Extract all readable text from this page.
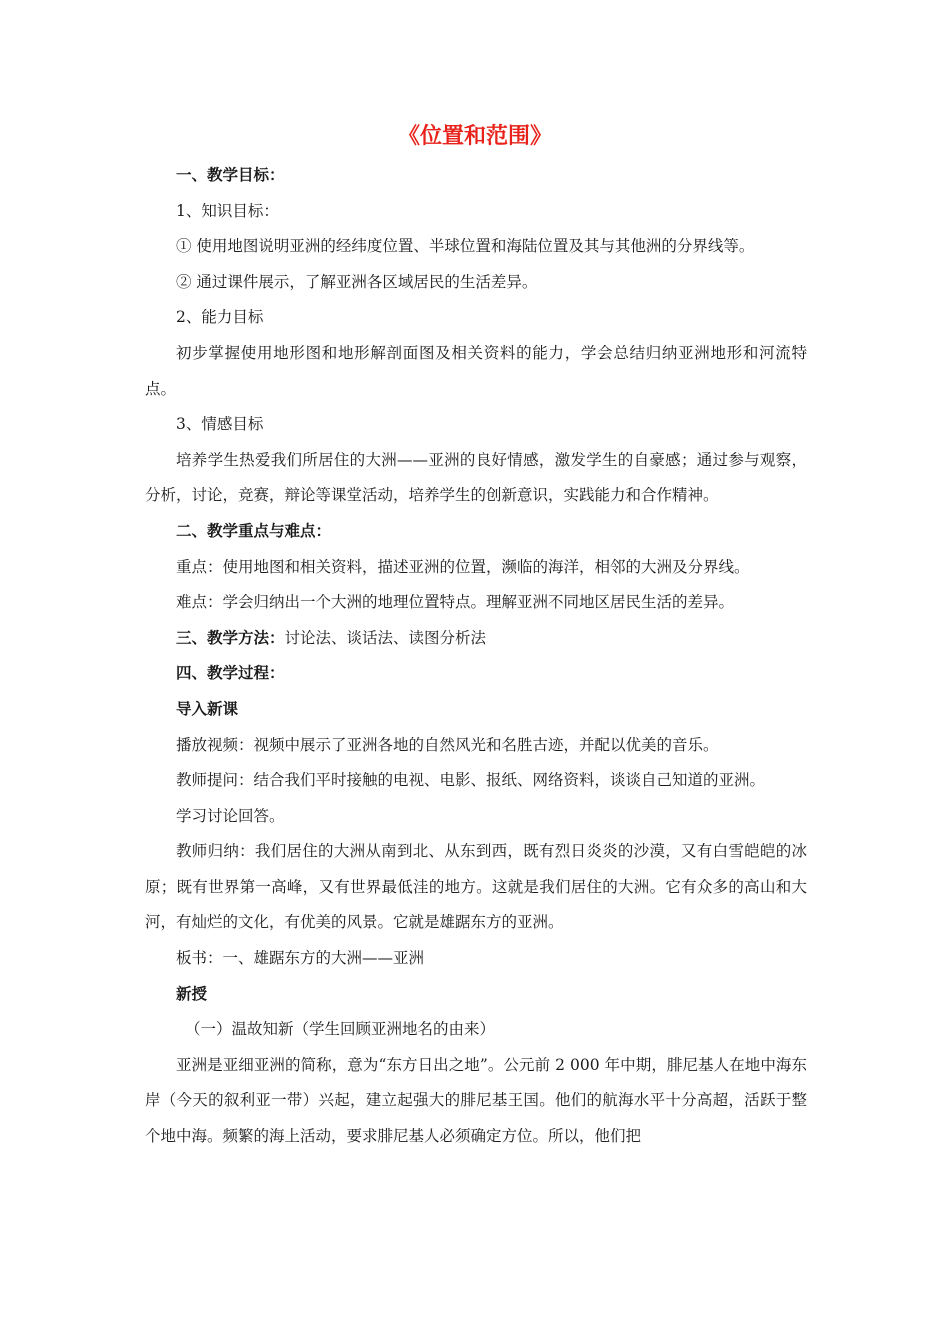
《位置和范围》

一、教学目标：

1、知识目标：

① 使用地图说明亚洲的经纬度位置、半球位置和海陆位置及其与其他洲的分界线等。

② 通过课件展示，了解亚洲各区域居民的生活差异。

2、能力目标

初步掌握使用地形图和地形解剖面图及相关资料的能力，学会总结归纳亚洲地形和河流特点。

3、情感目标

培养学生热爱我们所居住的大洲——亚洲的良好情感，激发学生的自豪感；通过参与观察，分析，讨论，竞赛，辩论等课堂活动，培养学生的创新意识，实践能力和合作精神。

二、教学重点与难点：

重点：使用地图和相关资料，描述亚洲的位置，濒临的海洋，相邻的大洲及分界线。

难点：学会归纳出一个大洲的地理位置特点。理解亚洲不同地区居民生活的差异。

三、教学方法：讨论法、谈话法、读图分析法

四、教学过程：

导入新课

播放视频：视频中展示了亚洲各地的自然风光和名胜古迹，并配以优美的音乐。

教师提问：结合我们平时接触的电视、电影、报纸、网络资料，谈谈自己知道的亚洲。

学习讨论回答。

教师归纳：我们居住的大洲从南到北、从东到西，既有烈日炎炎的沙漠，又有白雪皑皑的冰原；既有世界第一高峰，又有世界最低洼的地方。这就是我们居住的大洲。它有众多的高山和大河，有灿烂的文化，有优美的风景。它就是雄踞东方的亚洲。

板书：一、雄踞东方的大洲——亚洲

新授

（一）温故知新（学生回顾亚洲地名的由来）

亚洲是亚细亚洲的简称，意为“东方日出之地”。公元前 2 000 年中期，腓尼基人在地中海东岸（今天的叙利亚一带）兴起，建立起强大的腓尼基王国。他们的航海水平十分高超，活跃于整个地中海。频繁的海上活动，要求腓尼基人必须确定方位。所以，他们把
